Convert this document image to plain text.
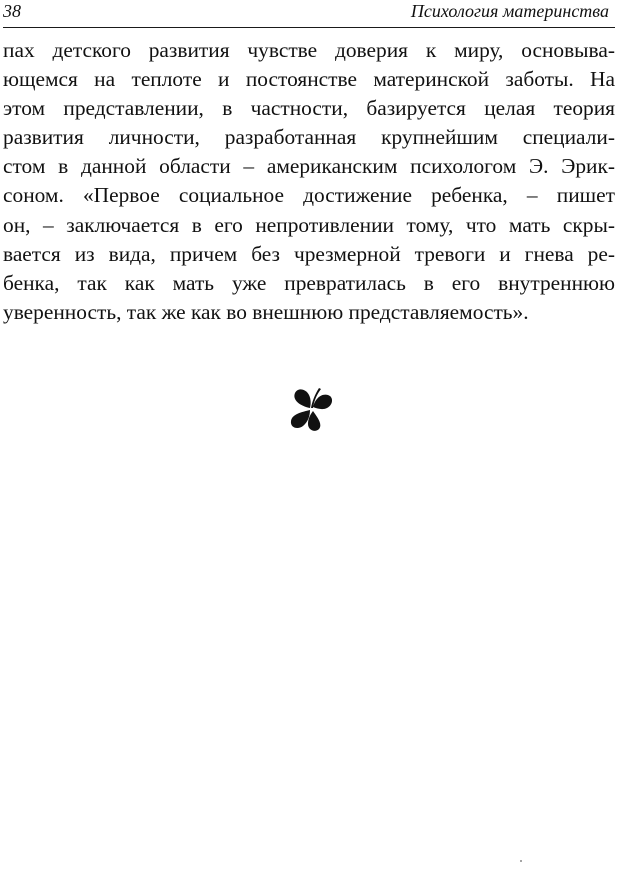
38	Психология материнства

пах детского развития чувстве доверия к миру, основыва-
ющемся на теплоте и постоянстве материнской заботы. На
этом представлении, в частности, базируется целая теория
развития личности, разработанная крупнейшим специали-
стом в данной области – американским психологом Э. Эрик-
соном. «Первое социальное достижение ребенка, – пишет
он, – заключается в его непротивлении тому, что мать скры-
вается из вида, причем без чрезмерной тревоги и гнева ре-
бенка, так как мать уже превратилась в его внутреннюю
уверенность, так же как во внешнюю представляемость».
